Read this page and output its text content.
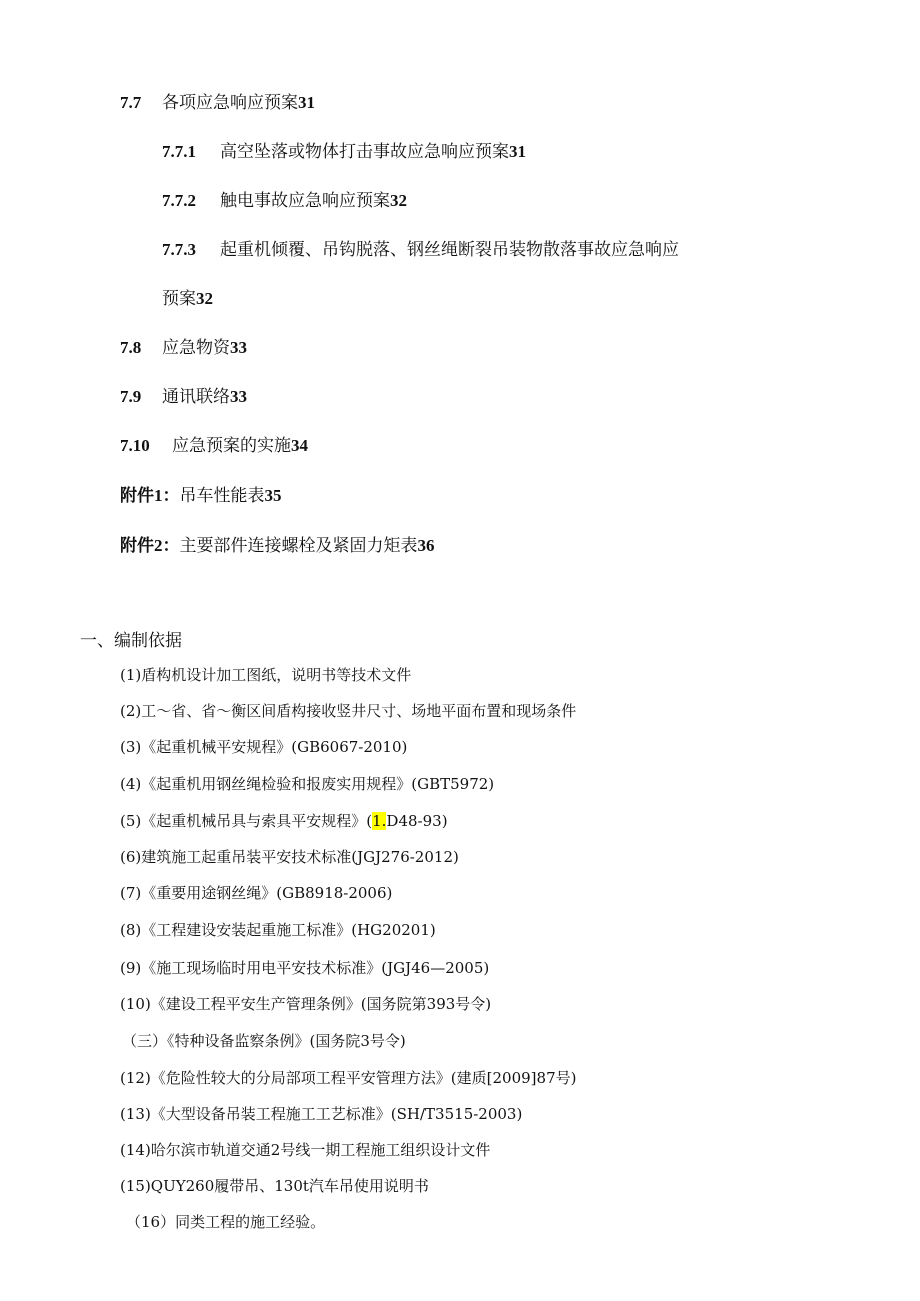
7.7 各项应急响应预案31
7.7.1 高空坠落或物体打击事故应急响应预案31
7.7.2 触电事故应急响应预案32
7.7.3 起重机倾覆、吊钩脱落、钢丝绳断裂吊装物散落事故应急响应
预案32
7.8 应急物资33
7.9 通讯联络33
7.10 应急预案的实施34
附件1：吊车性能表35
附件2：主要部件连接螺栓及紧固力矩表36
一、编制依据
(1)盾构机设计加工图纸，说明书等技术文件
(2)工～省、省～衡区间盾构接收竖井尺寸、场地平面布置和现场条件
(3)《起重机械平安规程》(GB6067-2010)
(4)《起重机用钢丝绳检验和报废实用规程》(GBT5972)
(5)《起重机械吊具与索具平安规程》(1.D48-93)
(6)建筑施工起重吊装平安技术标准(JGJ276-2012)
(7)《重要用途钢丝绳》(GB8918-2006)
(8)《工程建设安装起重施工标准》(HG20201)
(9)《施工现场临时用电平安技术标准》(JGJ46—2005)
(10)《建设工程平安生产管理条例》(国务院第393号令)
（三）《特种设备监察条例》(国务院3号令)
(12)《危险性较大的分局部项工程平安管理方法》(建质[2009]87号)
(13)《大型设备吊装工程施工工艺标准》(SH/T3515-2003)
(14)哈尔滨市轨道交通2号线一期工程施工组织设计文件
(15)QUY260履带吊、130t汽车吊使用说明书
（16）同类工程的施工经验。
